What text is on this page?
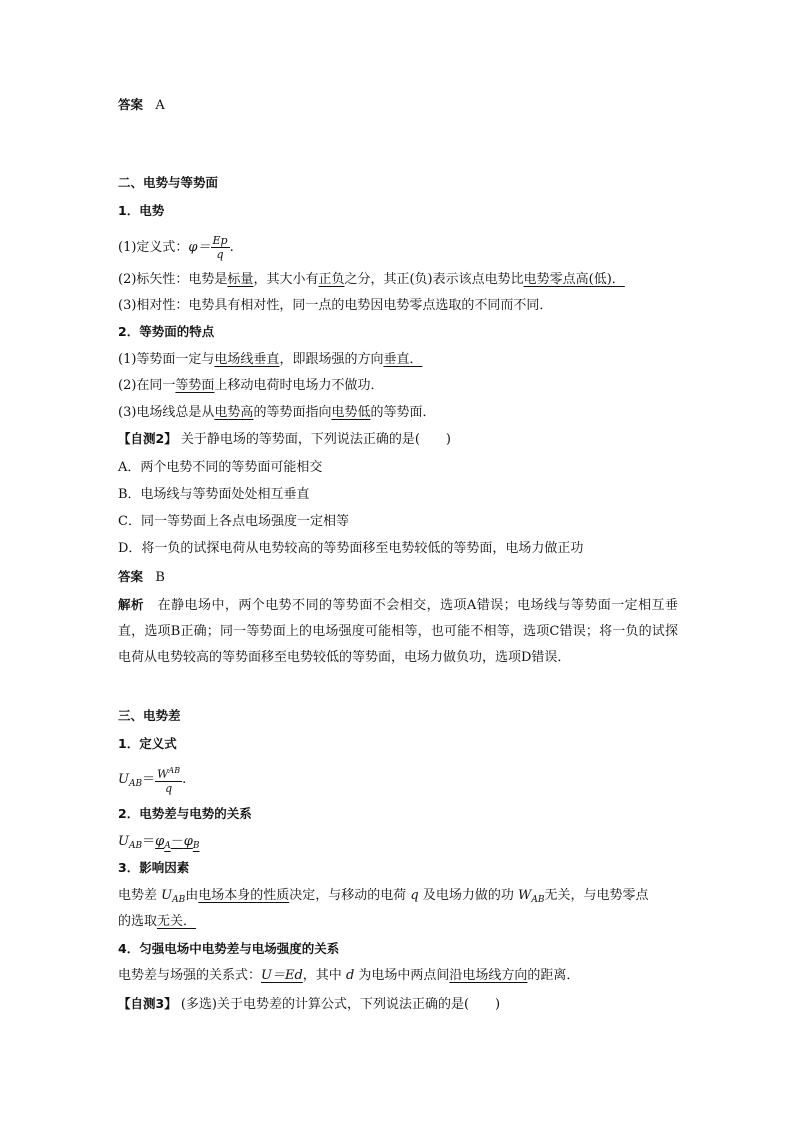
答案 A
二、电势与等势面
1．电势
(1)定义式：$\varphi= \frac{Ep}{q}$ .
(2)标矢性：电势是标量，其大小有正负之分，其正(负)表示该点电势比电势零点高(低)．
(3)相对性：电势具有相对性，同一点的电势因电势零点选取的不同而不同．
2．等势面的特点
(1)等势面一定与电场线垂直，即跟场强的方向垂直．
(2)在同一等势面上移动电荷时电场力不做功．
(3)电场线总是从电势高的等势面指向电势低的等势面．
【自测2】 关于静电场的等势面，下列说法正确的是(　　)
A．两个电势不同的等势面可能相交
B．电场线与等势面处处相互垂直
C．同一等势面上各点电场强度一定相等
D．将一负的试探电荷从电势较高的等势面移至电势较低的等势面，电场力做正功
答案 B
解析 在静电场中，两个电势不同的等势面不会相交，选项A错误；电场线与等势面一定相互垂直，选项B正确；同一等势面上的电场强度可能相等，也可能不相等，选项C错误；将一负的试探电荷从电势较高的等势面移至电势较低的等势面，电场力做负功，选项D错误．
三、电势差
1．定义式
$U_{AB}= \frac{W^{AB}}{q}$ .
2．电势差与电势的关系
$U_{AB}=\varphi_A-\varphi_B$
3．影响因素
电势差 $U_{AB}$由电场本身的性质决定，与移动的电荷 q 及电场力做的功 $W_{AB}$无关，与电势零点
的选取无关．
4．匀强电场中电势差与电场强度的关系
电势差与场强的关系式：U＝Ed，其中 d 为电场中两点间沿电场线方向的距离．
【自测3】 (多选)关于电势差的计算公式，下列说法正确的是(　　)
